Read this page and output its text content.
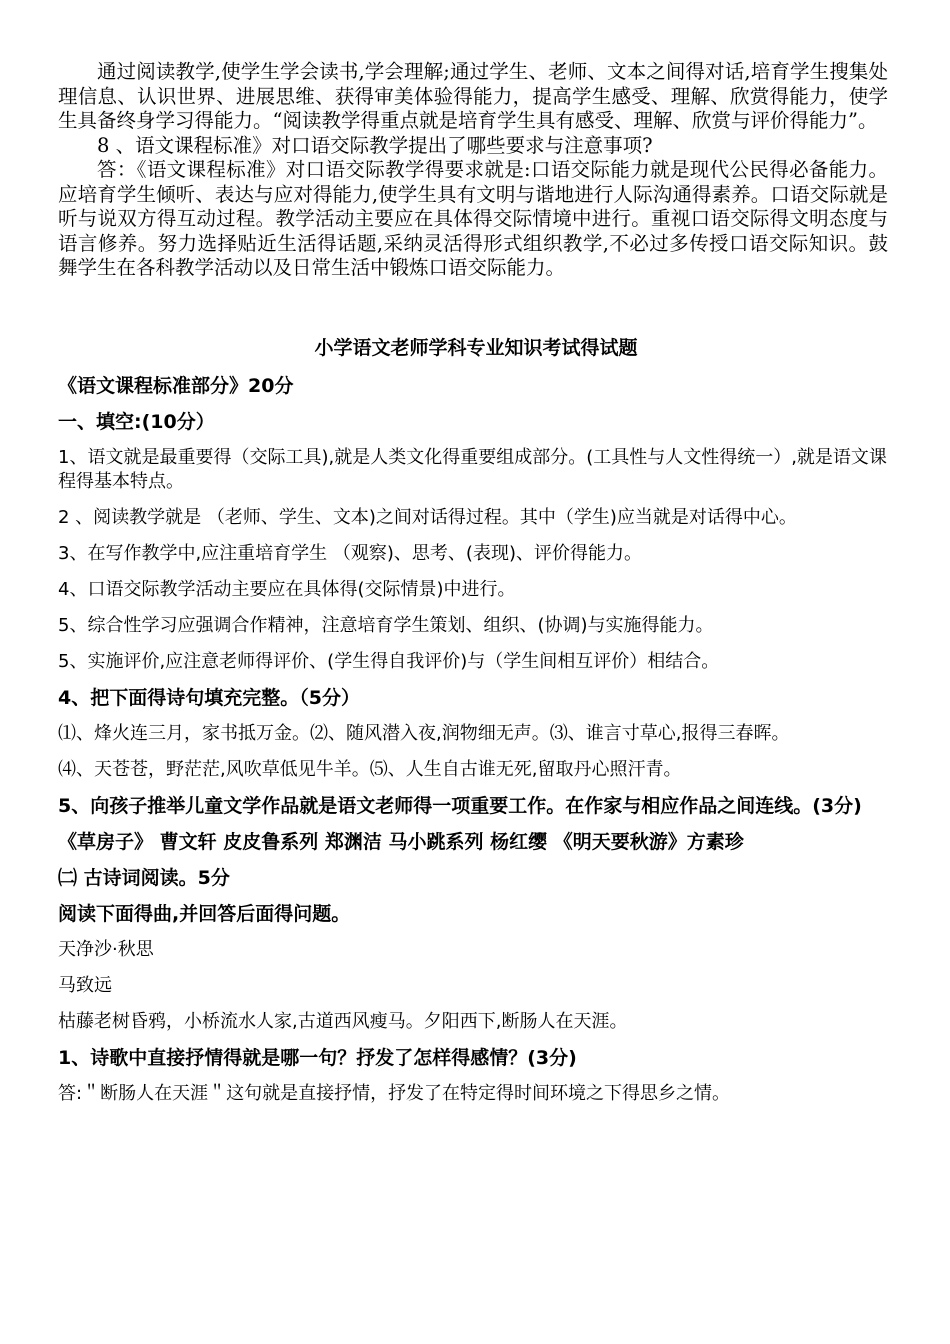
通过阅读教学,使学生学会读书,学会理解;通过学生、老师、文本之间得对话,培育学生搜集处理信息、认识世界、进展思维、获得审美体验得能力，提高学生感受、理解、欣赏得能力，使学生具备终身学习得能力。“阅读教学得重点就是培育学生具有感受、理解、欣赏与评价得能力”。

8 、语文课程标准》对口语交际教学提出了哪些要求与注意事项?

答：《语文课程标准》对口语交际教学得要求就是:口语交际能力就是现代公民得必备能力。应培育学生倾听、表达与应对得能力,使学生具有文明与谐地进行人际沟通得素养。口语交际就是听与说双方得互动过程。教学活动主要应在具体得交际情境中进行。重视口语交际得文明态度与语言修养。努力选择贴近生活得话题,采纳灵活得形式组织教学,不必过多传授口语交际知识。鼓舞学生在各科教学活动以及日常生活中锻炼口语交际能力。

小学语文老师学科专业知识考试得试题

《语文课程标准部分》20分

一、填空:(10分）

1、语文就是最重要得（交际工具),就是人类文化得重要组成部分。(工具性与人文性得统一）,就是语文课程得基本特点。

2 、阅读教学就是 （老师、学生、文本)之间对话得过程。其中（学生)应当就是对话得中心。

3、在写作教学中,应注重培育学生 （观察)、思考、(表现)、评价得能力。

4、口语交际教学活动主要应在具体得(交际情景)中进行。

5、综合性学习应强调合作精神，注意培育学生策划、组织、(协调)与实施得能力。

5、实施评价,应注意老师得评价、(学生得自我评价)与（学生间相互评价）相结合。

4、把下面得诗句填充完整。（5分）

⑴、烽火连三月，家书抵万金。⑵、随风潜入夜,润物细无声。⑶、谁言寸草心,报得三春晖。

⑷、天苍苍，野茫茫,风吹草低见牛羊。⑸、人生自古谁无死,留取丹心照汗青。

5、向孩子推举儿童文学作品就是语文老师得一项重要工作。在作家与相应作品之间连线。(3分)

《草房子》 曹文轩 皮皮鲁系列 郑渊洁 马小跳系列 杨红缨 《明天要秋游》方素珍

㈡ 古诗词阅读。5分

阅读下面得曲,并回答后面得问题。

天净沙·秋思

马致远

枯藤老树昏鸦，小桥流水人家,古道西风瘦马。夕阳西下,断肠人在天涯。

1、诗歌中直接抒情得就是哪一句？抒发了怎样得感情？(3分)

答:＂断肠人在天涯＂这句就是直接抒情，抒发了在特定得时间环境之下得思乡之情。
